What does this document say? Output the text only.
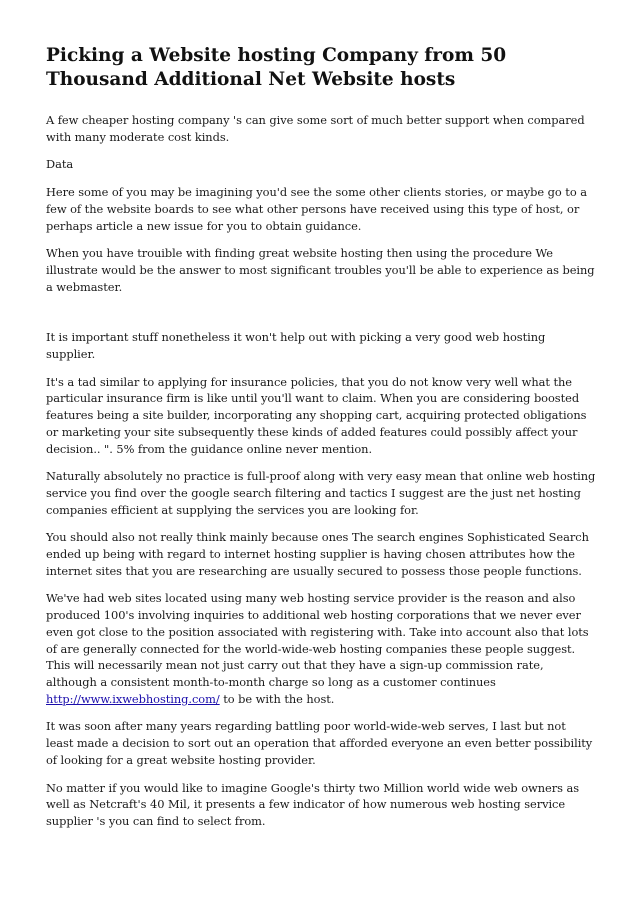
Picking a Website hosting Company from 50 Thousand Additional Net Website hosts

A few cheaper hosting company 's can give some sort of much better support when compared with many moderate cost kinds.

Data

Here some of you may be imagining you'd see the some other clients stories, or maybe go to a few of the website boards to see what other persons have received using this type of host, or perhaps article a new issue for you to obtain guidance.

When you have trouible with finding great website hosting then using the procedure We illustrate would be the answer to most significant troubles you'll be able to experience as being a webmaster.

It is important stuff nonetheless it won't help out with picking a very good web hosting supplier.

It's a tad similar to applying for insurance policies, that you do not know very well what the particular insurance firm is like until you'll want to claim. When you are considering boosted features being a site builder, incorporating any shopping cart, acquiring protected obligations or marketing your site subsequently these kinds of added features could possibly affect your decision.. ". 5% from the guidance online never mention.

Naturally absolutely no practice is full-proof along with very easy mean that online web hosting service you find over the google search filtering and tactics I suggest are the just net hosting companies efficient at supplying the services you are looking for.

You should also not really think mainly because ones The search engines Sophisticated Search ended up being with regard to internet hosting supplier is having chosen attributes how the internet sites that you are researching are usually secured to possess those people functions.

We've had web sites located using many web hosting service provider is the reason and also produced 100's involving inquiries to additional web hosting corporations that we never ever even got close to the position associated with registering with. Take into account also that lots of are generally connected for the world-wide-web hosting companies these people suggest. This will necessarily mean not just carry out that they have a sign-up commission rate, although a consistent month-to-month charge so long as a customer continues http://www.ixwebhosting.com/ to be with the host.

It was soon after many years regarding battling poor world-wide-web serves, I last but not least made a decision to sort out an operation that afforded everyone an even better possibility of looking for a great website hosting provider.

No matter if you would like to imagine Google's thirty two Million world wide web owners as well as Netcraft's 40 Mil, it presents a few indicator of how numerous web hosting service supplier 's you can find to select from.
